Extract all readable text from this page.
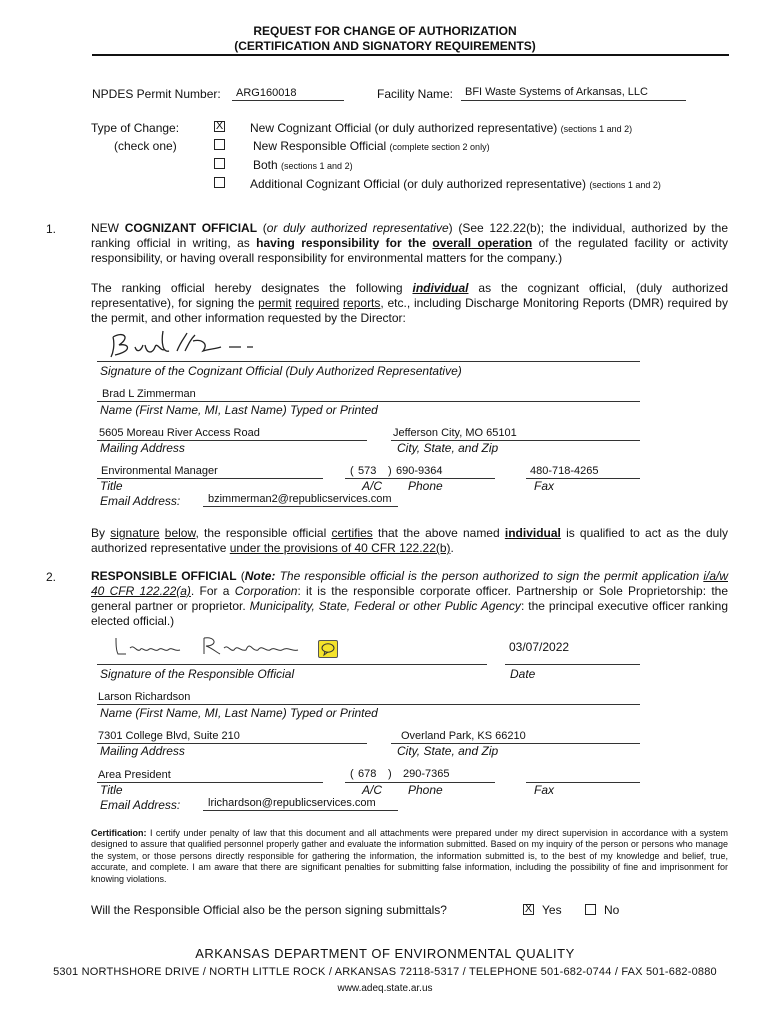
REQUEST FOR CHANGE OF AUTHORIZATION
(CERTIFICATION AND SIGNATORY REQUIREMENTS)
NPDES Permit Number: ARG160018	Facility Name: BFI Waste Systems of Arkansas, LLC
Type of Change:
(check one)
X New Cognizant Official (or duly authorized representative) (sections 1 and 2)
New Responsible Official (complete section 2 only)
Both (sections 1 and 2)
Additional Cognizant Official (or duly authorized representative) (sections 1 and 2)
1.	NEW COGNIZANT OFFICIAL (or duly authorized representative) (See 122.22(b); the individual, authorized by the ranking official in writing, as having responsibility for the overall operation of the regulated facility or activity responsibility, or having overall responsibility for environmental matters for the company.)
The ranking official hereby designates the following individual as the cognizant official, (duly authorized representative), for signing the permit required reports, etc., including Discharge Monitoring Reports (DMR) required by the permit, and other information requested by the Director:
Signature of the Cognizant Official (Duly Authorized Representative)
Brad L Zimmerman
Name (First Name, MI, Last Name) Typed or Printed
5605 Moreau River Access Road
Mailing Address
Jefferson City, MO 65101
City, State, and Zip
Environmental Manager
Title
( 573 ) 690-9364
A/C Phone
480-718-4265
Fax
Email Address:	bzimmerman2@republicservices.com
By signature below, the responsible official certifies that the above named individual is qualified to act as the duly authorized representative under the provisions of 40 CFR 122.22(b).
2.	RESPONSIBLE OFFICIAL (Note: The responsible official is the person authorized to sign the permit application i/a/w 40 CFR 122.22(a). For a Corporation: it is the responsible corporate officer. Partnership or Sole Proprietorship: the general partner or proprietor. Municipality, State, Federal or other Public Agency: the principal executive officer ranking elected official.)
03/07/2022
Signature of the Responsible Official	Date
Larson Richardson
Name (First Name, MI, Last Name) Typed or Printed
7301 College Blvd, Suite 210
Mailing Address
Overland Park, KS 66210
City, State, and Zip
Area President
Title
( 678 ) 290-7365
A/C Phone	Fax
Email Address:	lrichardson@republicservices.com
Certification: I certify under penalty of law that this document and all attachments were prepared under my direct supervision in accordance with a system designed to assure that qualified personnel properly gather and evaluate the information submitted. Based on my inquiry of the person or persons who manage the system, or those persons directly responsible for gathering the information, the information submitted is, to the best of my knowledge and belief, true, accurate, and complete. I am aware that there are significant penalties for submitting false information, including the possibility of fine and imprisonment for knowing violations.
Will the Responsible Official also be the person signing submittals?	X Yes	No
ARKANSAS DEPARTMENT OF ENVIRONMENTAL QUALITY
5301 NORTHSHORE DRIVE / NORTH LITTLE ROCK / ARKANSAS 72118-5317 / TELEPHONE 501-682-0744 / FAX 501-682-0880
www.adeq.state.ar.us
